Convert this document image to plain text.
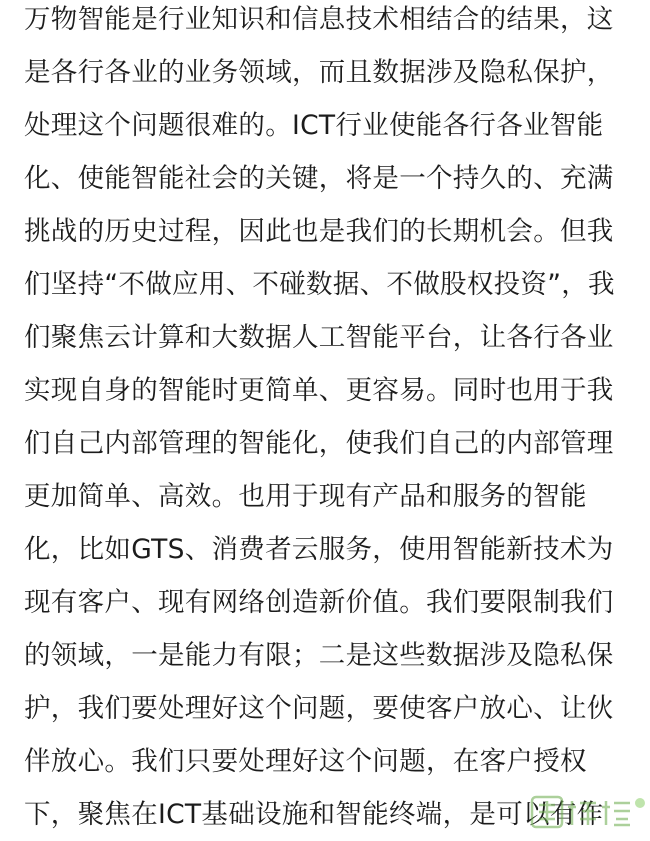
万物智能是行业知识和信息技术相结合的结果，这
是各行各业的业务领域，而且数据涉及隐私保护，
处理这个问题很难的。ICT行业使能各行各业智能
化、使能智能社会的关键，将是一个持久的、充满
挑战的历史过程，因此也是我们的长期机会。但我
们坚持“不做应用、不碰数据、不做股权投资”，我
们聚焦云计算和大数据人工智能平台，让各行各业
实现自身的智能时更简单、更容易。同时也用于我
们自己内部管理的智能化，使我们自己的内部管理
更加简单、高效。也用于现有产品和服务的智能
化，比如GTS、消费者云服务，使用智能新技术为
现有客户、现有网络创造新价值。我们要限制我们
的领域，一是能力有限；二是这些数据涉及隐私保
护，我们要处理好这个问题，要使客户放心、让伙
伴放心。我们只要处理好这个问题，在客户授权
下，聚焦在ICT基础设施和智能终端，是可以有作
